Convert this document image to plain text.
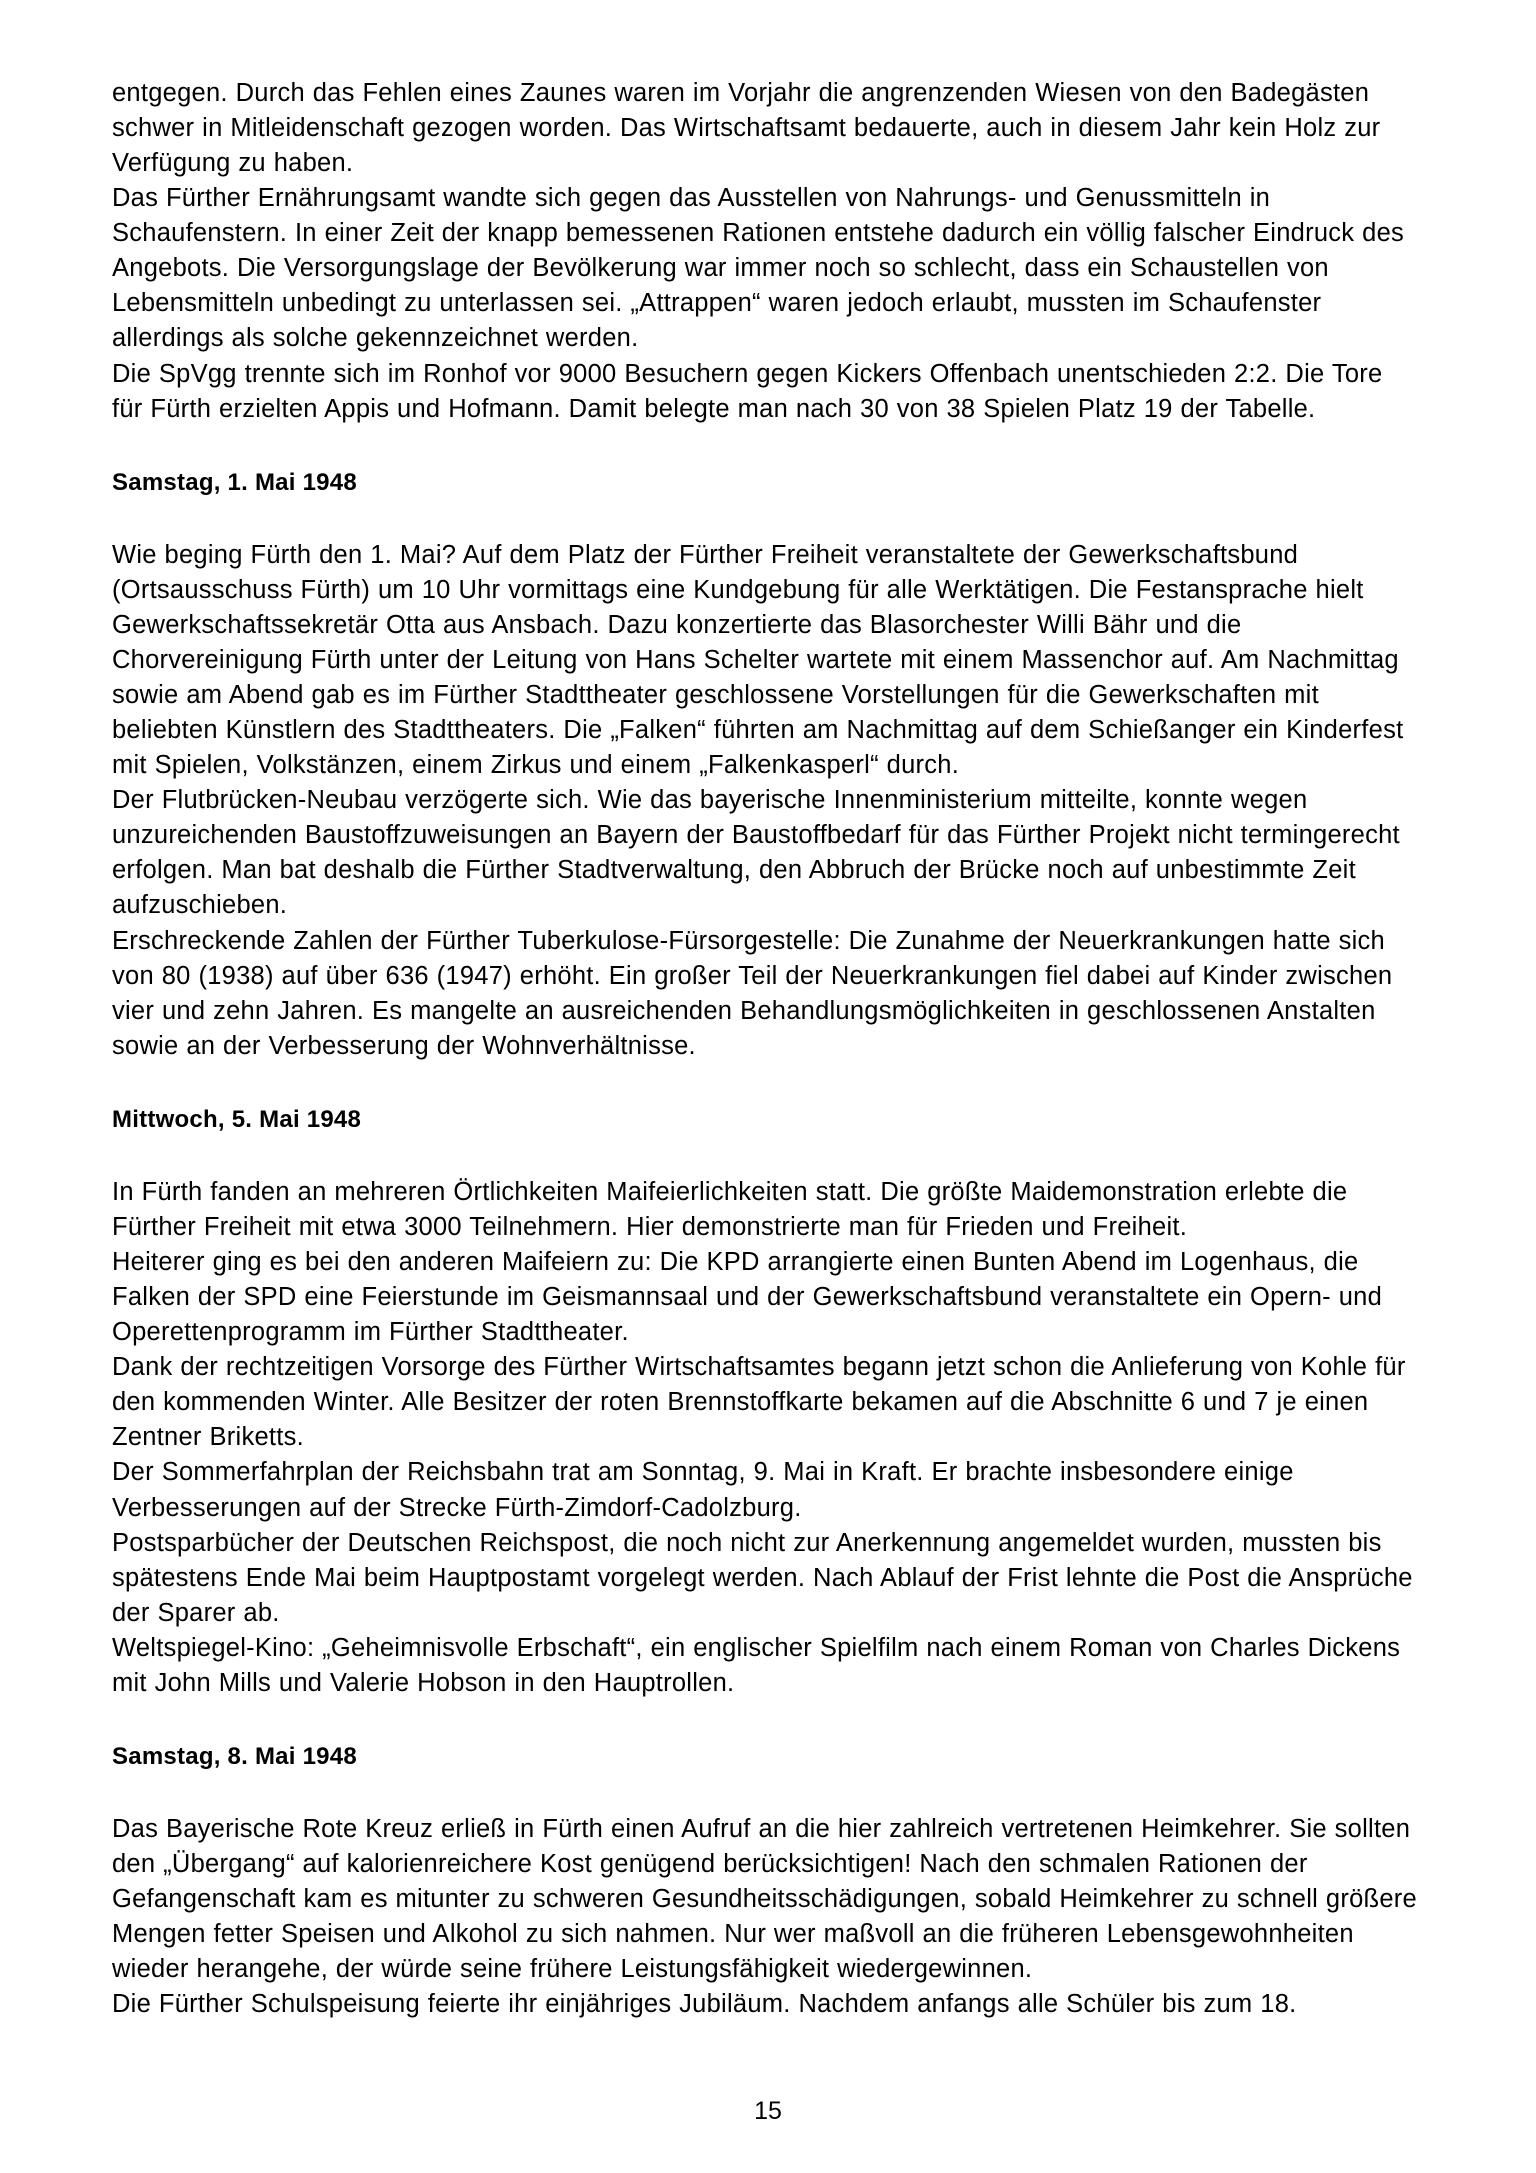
entgegen. Durch das Fehlen eines Zaunes waren im Vorjahr die angrenzenden Wiesen von den Badegästen schwer in Mitleidenschaft gezogen worden. Das Wirtschaftsamt bedauerte, auch in diesem Jahr kein Holz zur Verfügung zu haben.

Das Fürther Ernährungsamt wandte sich gegen das Ausstellen von Nahrungs- und Genussmitteln in Schaufenstern. In einer Zeit der knapp bemessenen Rationen entstehe dadurch ein völlig falscher Eindruck des Angebots. Die Versorgungslage der Bevölkerung war immer noch so schlecht, dass ein Schaustellen von Lebensmitteln unbedingt zu unterlassen sei. „Attrappen“ waren jedoch erlaubt, mussten im Schaufenster allerdings als solche gekennzeichnet werden.

Die SpVgg trennte sich im Ronhof vor 9000 Besuchern gegen Kickers Offenbach unentschieden 2:2. Die Tore für Fürth erzielten Appis und Hofmann. Damit belegte man nach 30 von 38 Spielen Platz 19 der Tabelle.

Samstag, 1. Mai 1948

Wie beging Fürth den 1. Mai? Auf dem Platz der Fürther Freiheit veranstaltete der Gewerkschaftsbund (Ortsausschuss Fürth) um 10 Uhr vormittags eine Kundgebung für alle Werktätigen. Die Festansprache hielt Gewerkschaftssekretär Otta aus Ansbach. Dazu konzertierte das Blasorchester Willi Bähr und die Chorvereinigung Fürth unter der Leitung von Hans Schelter wartete mit einem Massenchor auf. Am Nachmittag sowie am Abend gab es im Fürther Stadttheater geschlossene Vorstellungen für die Gewerkschaften mit beliebten Künstlern des Stadttheaters. Die „Falken“ führten am Nachmittag auf dem Schießanger ein Kinderfest mit Spielen, Volkstänzen, einem Zirkus und einem „Falkenkasperl“ durch.

Der Flutbrücken-Neubau verzögerte sich. Wie das bayerische Innenministerium mitteilte, konnte wegen unzureichenden Baustoffzuweisungen an Bayern der Baustoffbedarf für das Fürther Projekt nicht termingerecht erfolgen. Man bat deshalb die Fürther Stadtverwaltung, den Abbruch der Brücke noch auf unbestimmte Zeit aufzuschieben.

Erschreckende Zahlen der Fürther Tuberkulose-Fürsorgestelle: Die Zunahme der Neuerkrankungen hatte sich von 80 (1938) auf über 636 (1947) erhöht. Ein großer Teil der Neuerkrankungen fiel dabei auf Kinder zwischen vier und zehn Jahren. Es mangelte an ausreichenden Behandlungsmöglichkeiten in geschlossenen Anstalten sowie an der Verbesserung der Wohnverhältnisse.

Mittwoch, 5. Mai 1948

In Fürth fanden an mehreren Örtlichkeiten Maifeierlichkeiten statt. Die größte Maidemonstration erlebte die Fürther Freiheit mit etwa 3000 Teilnehmern. Hier demonstrierte man für Frieden und Freiheit.

Heiterer ging es bei den anderen Maifeiern zu: Die KPD arrangierte einen Bunten Abend im Logenhaus, die Falken der SPD eine Feierstunde im Geismannsaal und der Gewerkschaftsbund veranstaltete ein Opern- und Operettenprogramm im Fürther Stadttheater.

Dank der rechtzeitigen Vorsorge des Fürther Wirtschaftsamtes begann jetzt schon die Anlieferung von Kohle für den kommenden Winter. Alle Besitzer der roten Brennstoffkarte bekamen auf die Abschnitte 6 und 7 je einen Zentner Briketts.

Der Sommerfahrplan der Reichsbahn trat am Sonntag, 9. Mai in Kraft. Er brachte insbesondere einige Verbesserungen auf der Strecke Fürth-Zimdorf-Cadolzburg.

Postsparbücher der Deutschen Reichspost, die noch nicht zur Anerkennung angemeldet wurden, mussten bis spätestens Ende Mai beim Hauptpostamt vorgelegt werden. Nach Ablauf der Frist lehnte die Post die Ansprüche der Sparer ab.

Weltspiegel-Kino: „Geheimnisvolle Erbschaft“, ein englischer Spielfilm nach einem Roman von Charles Dickens mit John Mills und Valerie Hobson in den Hauptrollen.

Samstag, 8. Mai 1948

Das Bayerische Rote Kreuz erließ in Fürth einen Aufruf an die hier zahlreich vertretenen Heimkehrer. Sie sollten den „Übergang“ auf kalorienreichere Kost genügend berücksichtigen! Nach den schmalen Rationen der Gefangenschaft kam es mitunter zu schweren Gesundheitsschädigungen, sobald Heimkehrer zu schnell größere Mengen fetter Speisen und Alkohol zu sich nahmen. Nur wer maßvoll an die früheren Lebensgewohnheiten wieder herangehe, der würde seine frühere Leistungsfähigkeit wiedergewinnen.

Die Fürther Schulspeisung feierte ihr einjähriges Jubiläum. Nachdem anfangs alle Schüler bis zum 18.

15
